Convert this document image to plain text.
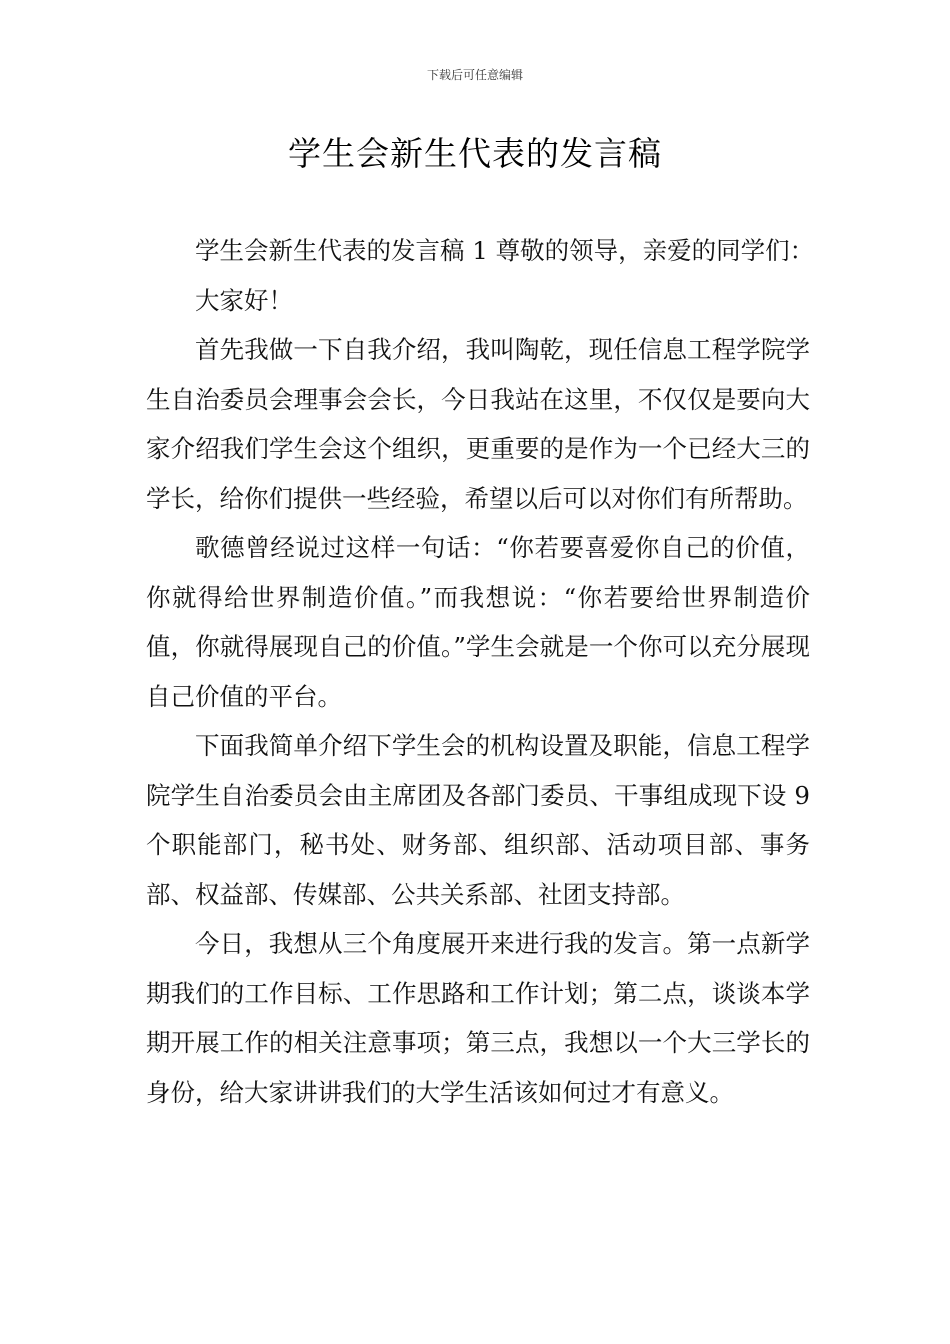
下载后可任意编辑
学生会新生代表的发言稿

学生会新生代表的发言稿 1 尊敬的领导，亲爱的同学们：

大家好！

首先我做一下自我介绍，我叫陶乾，现任信息工程学院学生自治委员会理事会会长，今日我站在这里，不仅仅是要向大家介绍我们学生会这个组织，更重要的是作为一个已经大三的学长，给你们提供一些经验，希望以后可以对你们有所帮助。

歌德曾经说过这样一句话：“你若要喜爱你自己的价值，你就得给世界制造价值。”而我想说：“你若要给世界制造价值，你就得展现自己的价值。”学生会就是一个你可以充分展现自己价值的平台。

下面我简单介绍下学生会的机构设置及职能，信息工程学院学生自治委员会由主席团及各部门委员、干事组成现下设 9 个职能部门，秘书处、财务部、组织部、活动项目部、事务部、权益部、传媒部、公共关系部、社团支持部。

今日，我想从三个角度展开来进行我的发言。第一点新学期我们的工作目标、工作思路和工作计划；第二点，谈谈本学期开展工作的相关注意事项；第三点，我想以一个大三学长的身份，给大家讲讲我们的大学生活该如何过才有意义。
